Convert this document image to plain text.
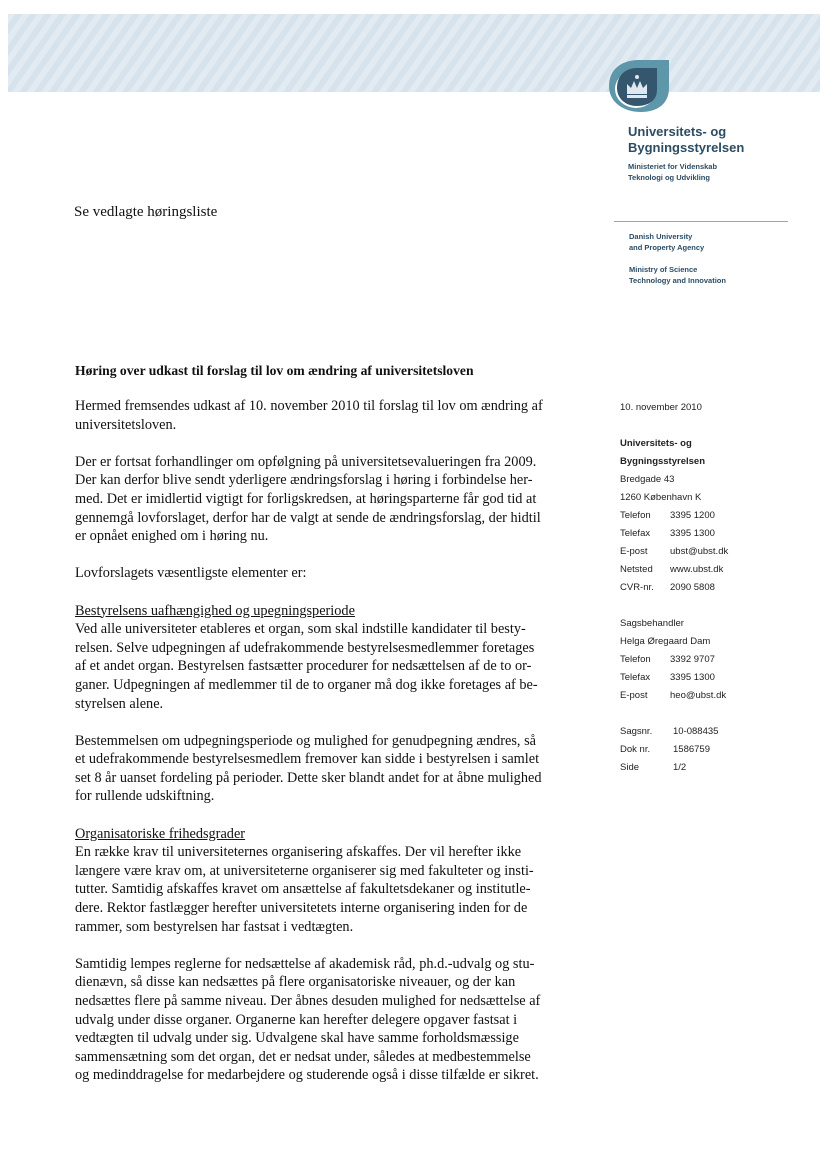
Universitets- og
Bygningsstyrelsen
Ministeriet for Videnskab
Teknologi og Udvikling
Danish University
and Property Agency
Ministry of Science
Technology and Innovation
Se vedlagte høringsliste
Høring over udkast til forslag til lov om ændring af universitetsloven

Hermed fremsendes udkast af 10. november 2010 til forslag til lov om ændring af
universitetsloven.

Der er fortsat forhandlinger om opfølgning på universitetsevalueringen fra 2009.
Der kan derfor blive sendt yderligere ændringsforslag i høring i forbindelse her-
med. Det er imidlertid vigtigt for forligskredsen, at høringsparterne får god tid at
gennemgå lovforslaget, derfor har de valgt at sende de ændringsforslag, der hidtil
er opnået enighed om i høring nu.

Lovforslagets væsentligste elementer er:

Bestyrelsens uafhængighed og upegningsperiode
Ved alle universiteter etableres et organ, som skal indstille kandidater til besty-
relsen. Selve udpegningen af udefrakommende bestyrelsesmedlemmer foretages
af et andet organ. Bestyrelsen fastsætter procedurer for nedsættelsen af de to or-
ganer. Udpegningen af medlemmer til de to organer må dog ikke foretages af be-
styrelsen alene.

Bestemmelsen om udpegningsperiode og mulighed for genudpegning ændres, så
et udefrakommende bestyrelsesmedlem fremover kan sidde i bestyrelsen i samlet
set 8 år uanset fordeling på perioder. Dette sker blandt andet for at åbne mulighed
for rullende udskiftning.

Organisatoriske frihedsgrader
En række krav til universiteternes organisering afskaffes. Der vil herefter ikke
længere være krav om, at universiteterne organiserer sig med fakulteter og insti-
tutter. Samtidig afskaffes kravet om ansættelse af fakultetsdekaner og institutle-
dere. Rektor fastlægger herefter universitetets interne organisering inden for de
rammer, som bestyrelsen har fastsat i vedtægten.

Samtidig lempes reglerne for nedsættelse af akademisk råd, ph.d.-udvalg og stu-
dienævn, så disse kan nedsættes på flere organisatoriske niveauer, og der kan
nedsættes flere på samme niveau. Der åbnes desuden mulighed for nedsættelse af
udvalg under disse organer. Organerne kan herefter delegere opgaver fastsat i
vedtægten til udvalg under sig. Udvalgene skal have samme forholdsmæssige
sammensætning som det organ, det er nedsat under, således at medbestemmelse
og medinddragelse for medarbejdere og studerende også i disse tilfælde er sikret.

10. november 2010
Universitets- og
Bygningsstyrelsen
Bredgade 43
1260 København K
Telefon	3395 1200
Telefax	3395 1300
E-post	ubst@ubst.dk
Netsted	www.ubst.dk
CVR-nr.	2090 5808
Sagsbehandler
Helga Øregaard Dam
Telefon	3392 9707
Telefax	3395 1300
E-post	heo@ubst.dk
Sagsnr.	10-088435
Dok nr.	1586759
Side	1/2
